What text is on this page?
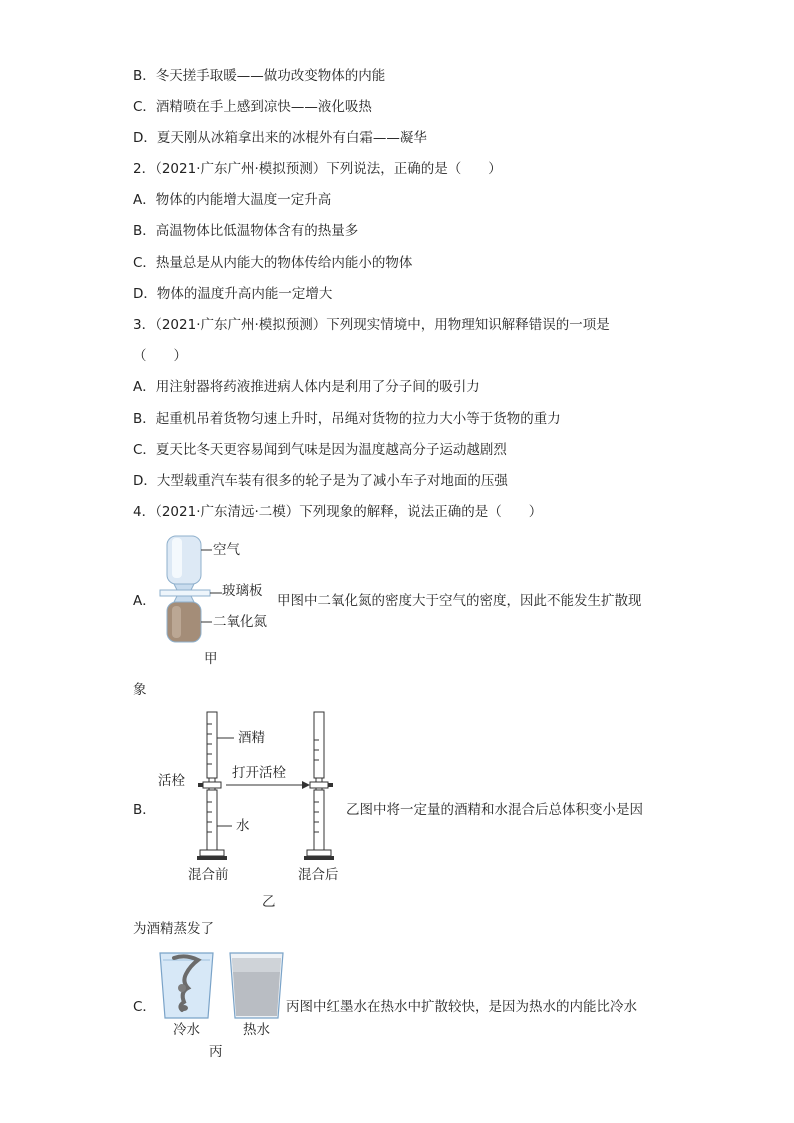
B．冬天搓手取暖——做功改变物体的内能
C．酒精喷在手上感到凉快——液化吸热
D．夏天刚从冰箱拿出来的冰棍外有白霜——凝华
2．（2021·广东广州·模拟预测）下列说法，正确的是（　　）
A．物体的内能增大温度一定升高
B．高温物体比低温物体含有的热量多
C．热量总是从内能大的物体传给内能小的物体
D．物体的温度升高内能一定增大
3．（2021·广东广州·模拟预测）下列现实情境中，用物理知识解释错误的一项是
（　　）
A．用注射器将药液推进病人体内是利用了分子间的吸引力
B．起重机吊着货物匀速上升时，吊绳对货物的拉力大小等于货物的重力
C．夏天比冬天更容易闻到气味是因为温度越高分子运动越剧烈
D．大型载重汽车装有很多的轮子是为了减小车子对地面的压强
4．（2021·广东清远·二模）下列现象的解释，说法正确的是（　　）
A．
空气
玻璃板
二氧化氮
甲
甲图中二氧化氮的密度大于空气的密度，因此不能发生扩散现
象
B．
酒精
活栓	打开活栓
水
混合前	混合后
乙
乙图中将一定量的酒精和水混合后总体积变小是因
为酒精蒸发了
C．
冷水	热水
丙
丙图中红墨水在热水中扩散较快，是因为热水的内能比冷水
